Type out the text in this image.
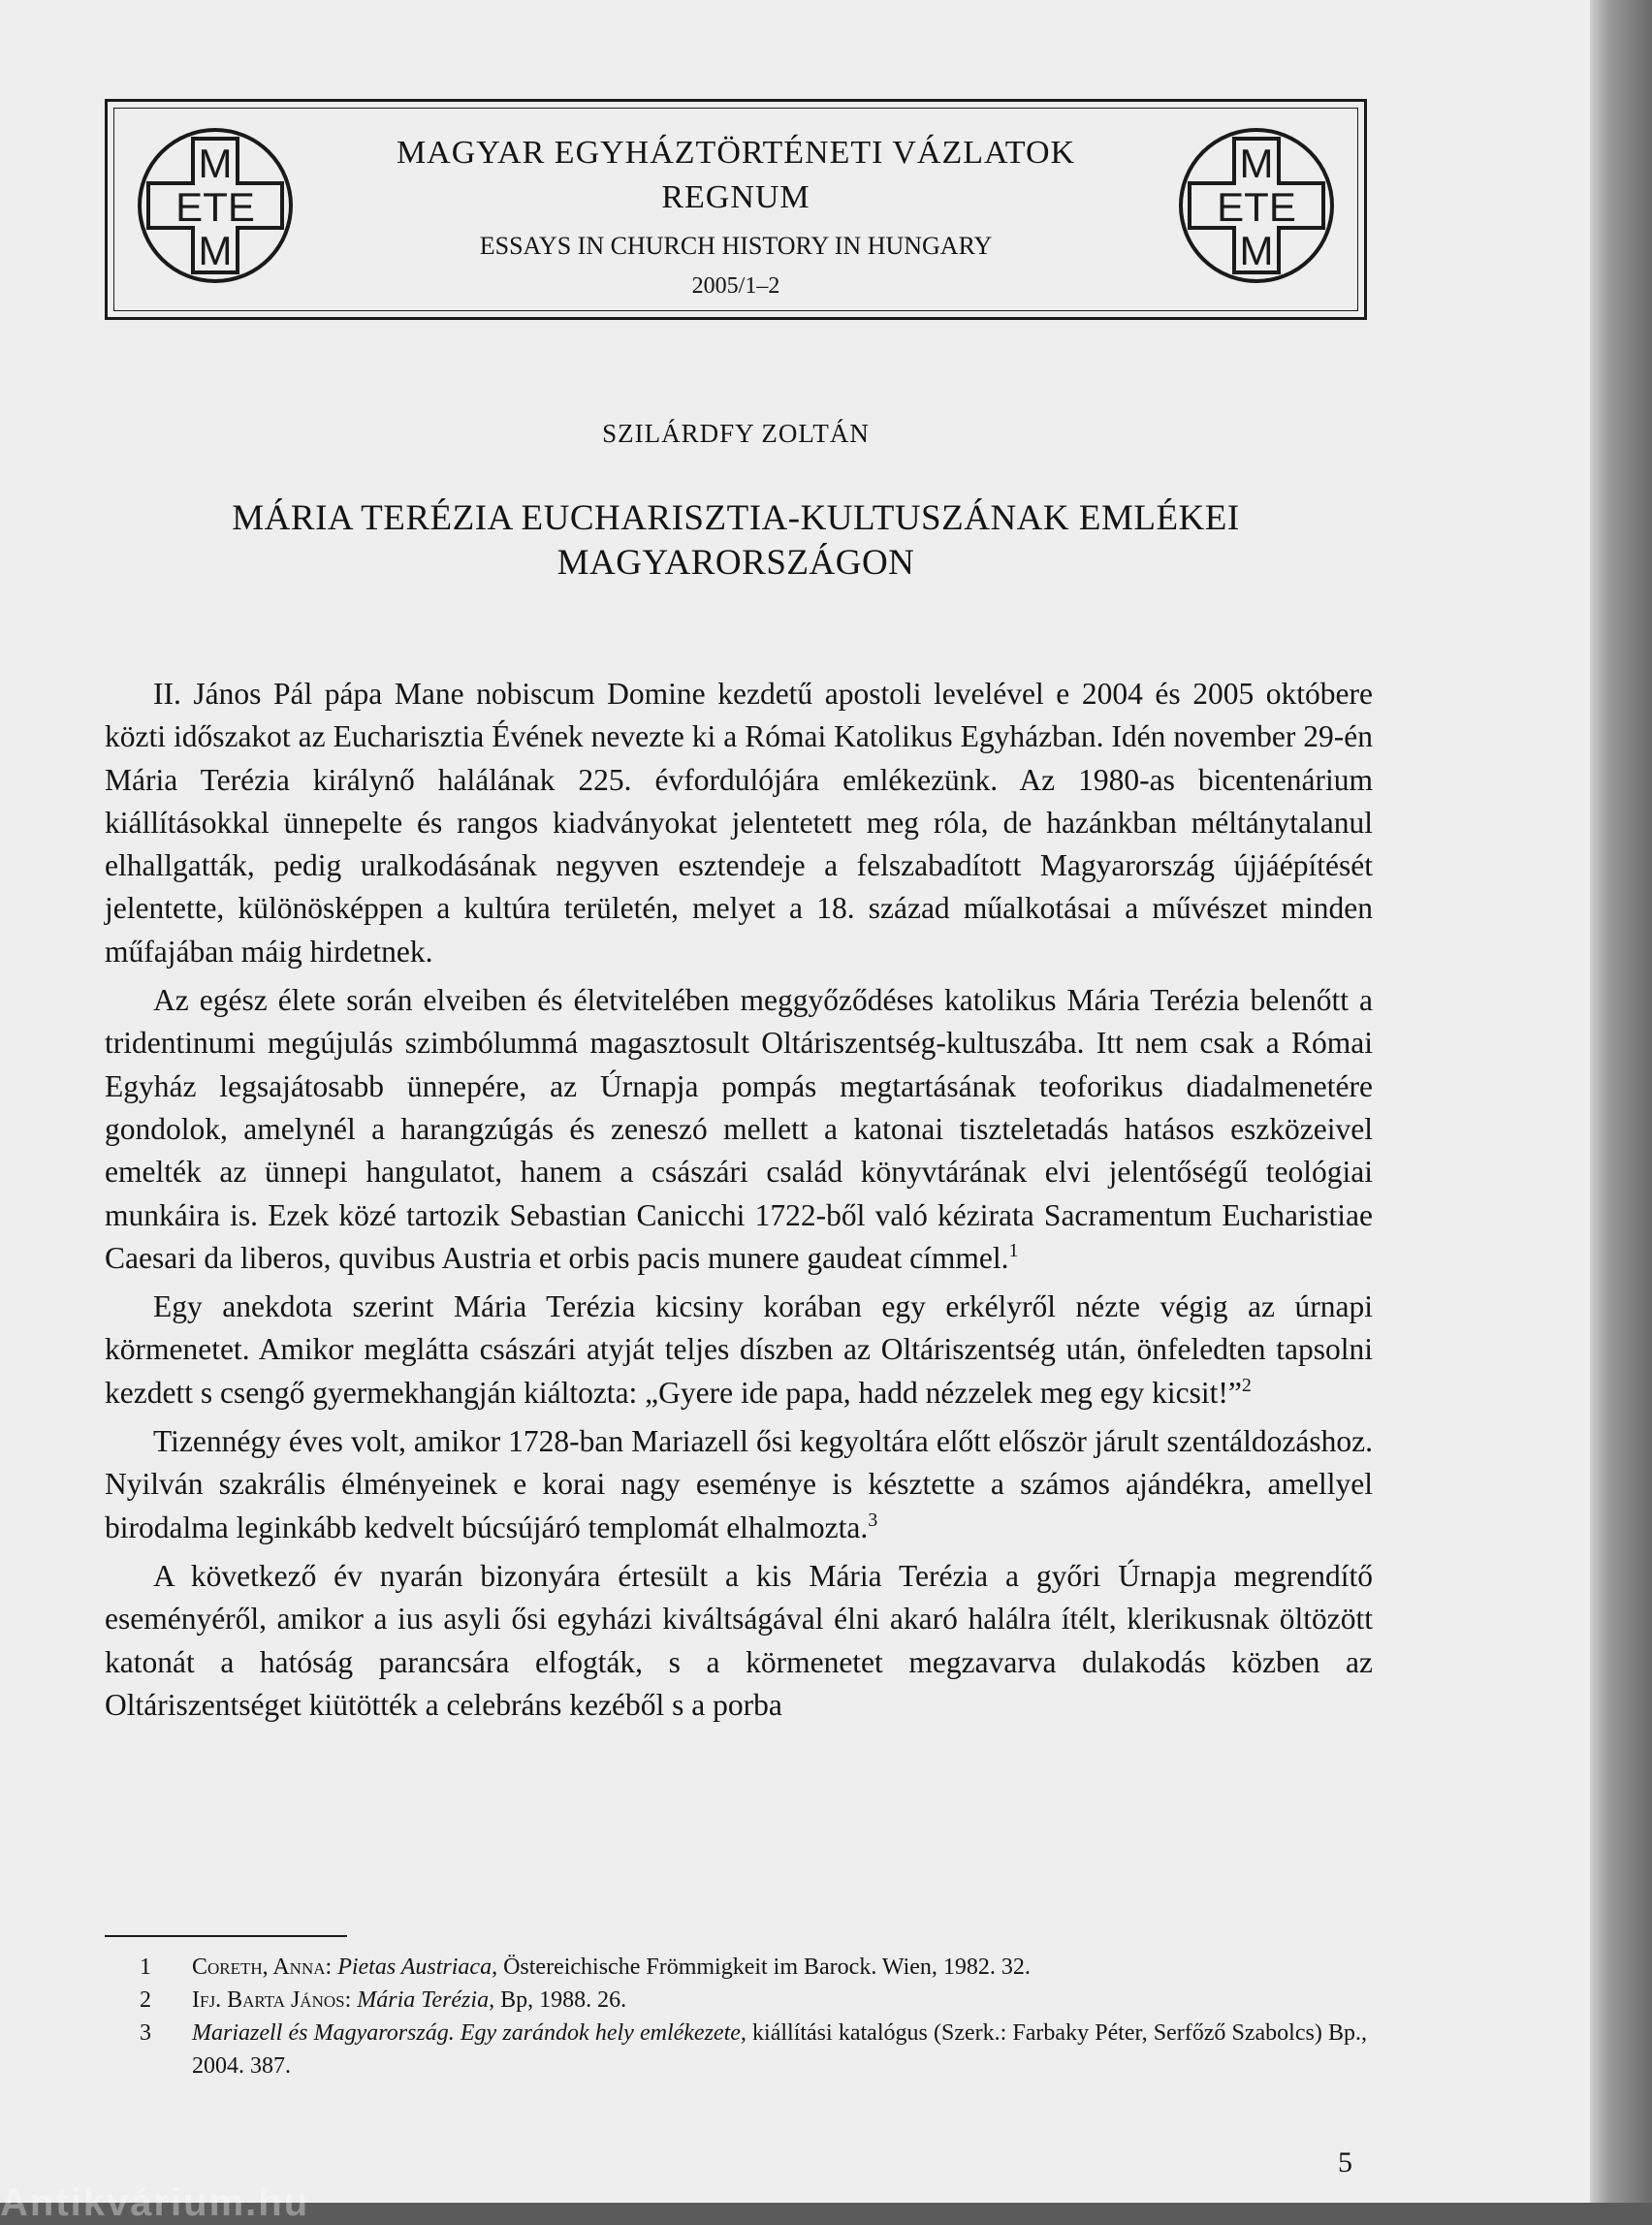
M
ETE
M
MAGYAR EGYHÁZTÖRTÉNETI VÁZLATOK
REGNUM
ESSAYS IN CHURCH HISTORY IN HUNGARY
2005/1–2
M
ETE
M
SZILÁRDFY ZOLTÁN
MÁRIA TERÉZIA EUCHARISZTIA-KULTUSZÁNAK EMLÉKEI
MAGYARORSZÁGON

II. János Pál pápa Mane nobiscum Domine kezdetű apostoli levelével e 2004 és 2005 októbere közti időszakot az Eucharisztia Évének nevezte ki a Római Katolikus Egyházban. Idén november 29-én Mária Terézia királynő halálának 225. évfordulójára emlékezünk. Az 1980-as bicentenárium kiállításokkal ünnepelte és rangos kiadványokat jelentetett meg róla, de hazánkban méltánytalanul elhallgatták, pedig uralkodásának negyven esztendeje a felszabadított Magyarország újjáépítését jelentette, különösképpen a kultúra területén, melyet a 18. század műalkotásai a művészet minden műfajában máig hirdetnek.

Az egész élete során elveiben és életvitelében meggyőződéses katolikus Mária Terézia belenőtt a tridentinumi megújulás szimbólummá magasztosult Oltáriszentség-kultuszába. Itt nem csak a Római Egyház legsajátosabb ünnepére, az Úrnapja pompás megtartásának teoforikus diadalmenetére gondolok, amelynél a harangzúgás és zeneszó mellett a katonai tiszteletadás hatásos eszközeivel emelték az ünnepi hangulatot, hanem a császári család könyvtárának elvi jelentőségű teológiai munkáira is. Ezek közé tartozik Sebastian Canicchi 1722-ből való kézirata Sacramentum Eucharistiae Caesari da liberos, quvibus Austria et orbis pacis munere gaudeat címmel.$^1$

Egy anekdota szerint Mária Terézia kicsiny korában egy erkélyről nézte végig az úrnapi körmenetet. Amikor meglátta császári atyját teljes díszben az Oltáriszentség után, önfeledten tapsolni kezdett s csengő gyermekhangján kiáltozta: „Gyere ide papa, hadd nézzelek meg egy kicsit!”$^2$

Tizennégy éves volt, amikor 1728-ban Mariazell ősi kegyoltára előtt először járult szentáldozáshoz. Nyilván szakrális élményeinek e korai nagy eseménye is késztette a számos ajándékra, amellyel birodalma leginkább kedvelt búcsújáró templomát elhalmozta.$^3$

A következő év nyarán bizonyára értesült a kis Mária Terézia a győri Úrnapja megrendítő eseményéről, amikor a ius asyli ősi egyházi kiváltságával élni akaró halálra ítélt, klerikusnak öltözött katonát a hatóság parancsára elfogták, s a körmenetet megzavarva dulakodás közben az Oltáriszentséget kiütötték a celebráns kezéből s a porba

1 Coreth, Anna: Pietas Austriaca, Östereichische Frömmigkeit im Barock. Wien, 1982. 32.
2 Ifj. Barta János: Mária Terézia, Bp, 1988. 26.
3 Mariazell és Magyarország. Egy zarándok hely emlékezete, kiállítási katalógus (Szerk.: Farbaky Péter, Serfőző Szabolcs) Bp., 2004. 387.
5
Antikvárium.hu
